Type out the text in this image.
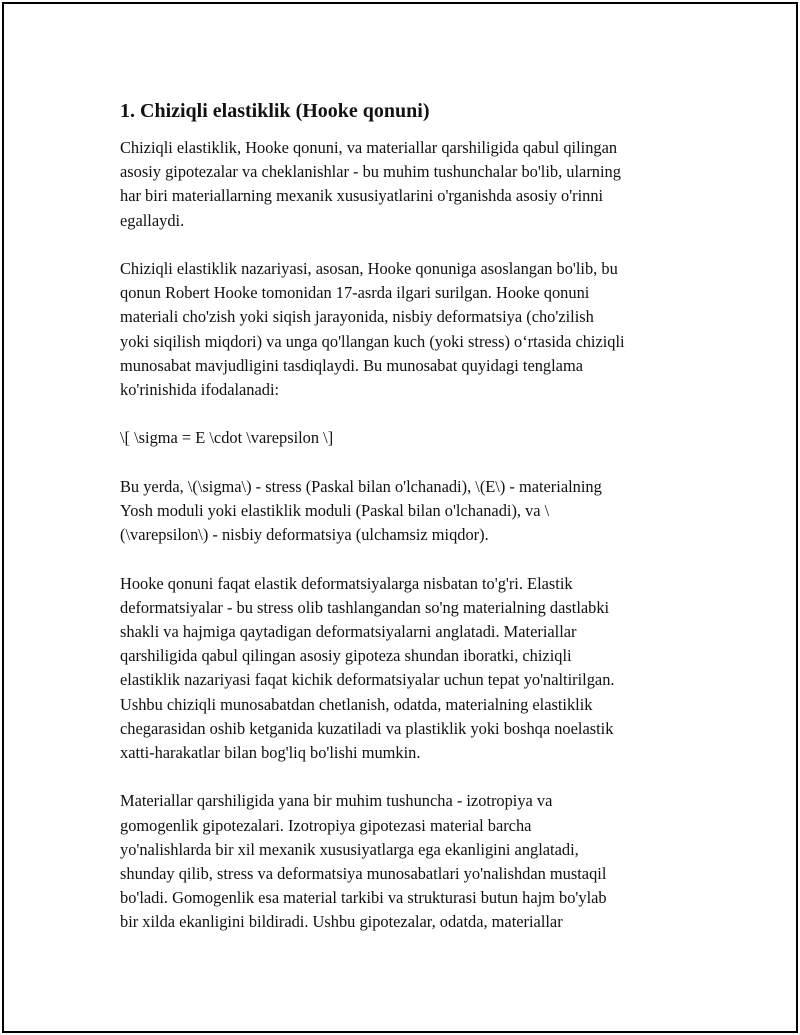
1. Chiziqli elastiklik (Hooke qonuni)

Chiziqli elastiklik, Hooke qonuni, va materiallar qarshiligida qabul qilingan
asosiy gipotezalar va cheklanishlar - bu muhim tushunchalar bo'lib, ularning
har biri materiallarning mexanik xususiyatlarini o'rganishda asosiy o'rinni
egallaydi.

Chiziqli elastiklik nazariyasi, asosan, Hooke qonuniga asoslangan bo'lib, bu
qonun Robert Hooke tomonidan 17-asrda ilgari surilgan. Hooke qonuni
materiali cho'zish yoki siqish jarayonida, nisbiy deformatsiya (cho'zilish
yoki siqilish miqdori) va unga qo'llangan kuch (yoki stress) o‘rtasida chiziqli
munosabat mavjudligini tasdiqlaydi. Bu munosabat quyidagi tenglama
ko'rinishida ifodalanadi:

\[ \sigma = E \cdot \varepsilon \]

Bu yerda, \(\sigma\) - stress (Paskal bilan o'lchanadi), \(E\) - materialning
Yosh moduli yoki elastiklik moduli (Paskal bilan o'lchanadi), va \
(\varepsilon\) - nisbiy deformatsiya (ulchamsiz miqdor).

Hooke qonuni faqat elastik deformatsiyalarga nisbatan to'g'ri. Elastik
deformatsiyalar - bu stress olib tashlangandan so'ng materialning dastlabki
shakli va hajmiga qaytadigan deformatsiyalarni anglatadi. Materiallar
qarshiligida qabul qilingan asosiy gipoteza shundan iboratki, chiziqli
elastiklik nazariyasi faqat kichik deformatsiyalar uchun tepat yo'naltirilgan.
Ushbu chiziqli munosabatdan chetlanish, odatda, materialning elastiklik
chegarasidan oshib ketganida kuzatiladi va plastiklik yoki boshqa noelastik
xatti-harakatlar bilan bog'liq bo'lishi mumkin.

Materiallar qarshiligida yana bir muhim tushuncha - izotropiya va
gomogenlik gipotezalari. Izotropiya gipotezasi material barcha
yo'nalishlarda bir xil mexanik xususiyatlarga ega ekanligini anglatadi,
shunday qilib, stress va deformatsiya munosabatlari yo'nalishdan mustaqil
bo'ladi. Gomogenlik esa material tarkibi va strukturasi butun hajm bo'ylab
bir xilda ekanligini bildiradi. Ushbu gipotezalar, odatda, materiallar
